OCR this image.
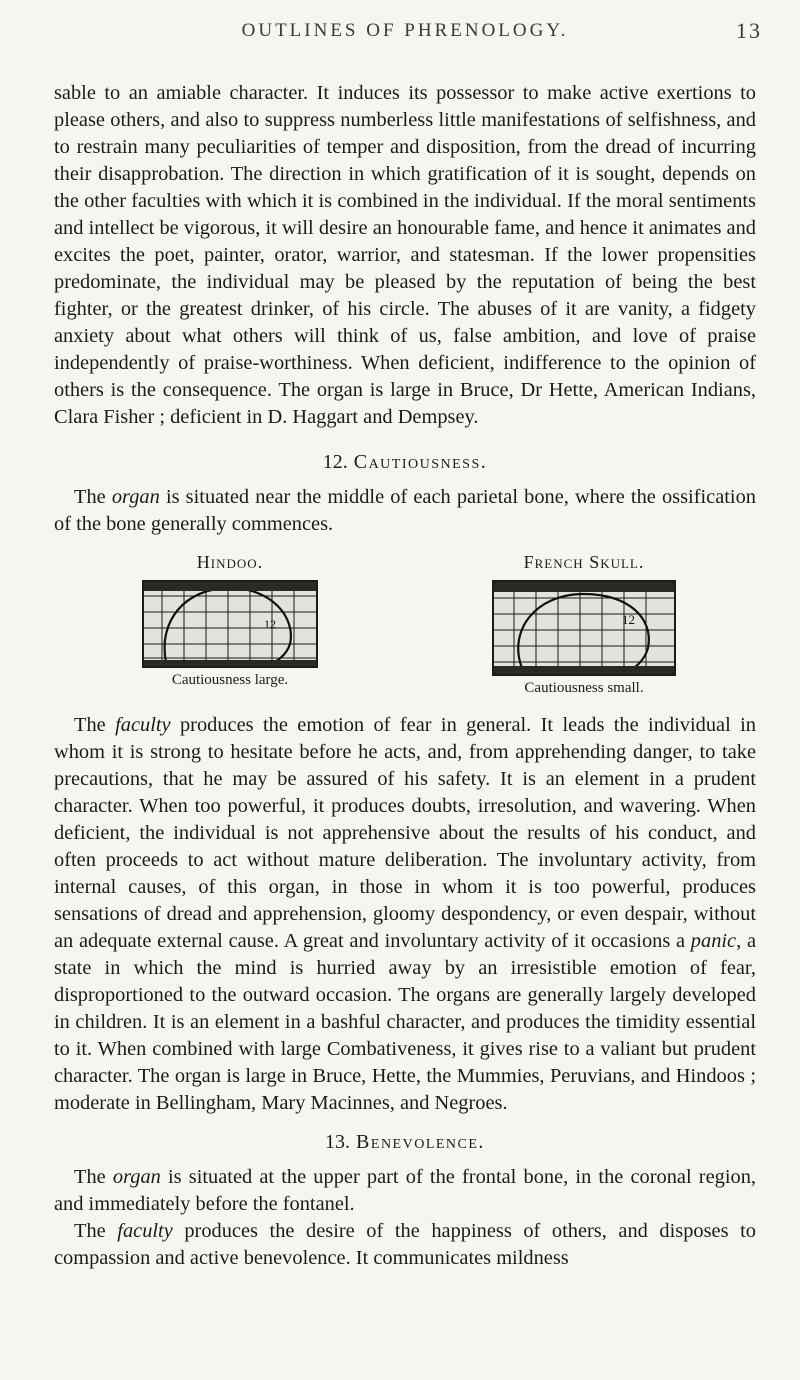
OUTLINES OF PHRENOLOGY.	13

sable to an amiable character. It induces its possessor to make active exertions to please others, and also to suppress numberless little manifestations of selfishness, and to restrain many peculiarities of temper and disposition, from the dread of incurring their disapprobation. The direction in which gratification of it is sought, depends on the other faculties with which it is combined in the individual. If the moral sentiments and intellect be vigorous, it will desire an honourable fame, and hence it animates and excites the poet, painter, orator, warrior, and statesman. If the lower propensities predominate, the individual may be pleased by the reputation of being the best fighter, or the greatest drinker, of his circle. The abuses of it are vanity, a fidgety anxiety about what others will think of us, false ambition, and love of praise independently of praise-worthiness. When deficient, indifference to the opinion of others is the consequence. The organ is large in Bruce, Dr Hette, American Indians, Clara Fisher ; deficient in D. Haggart and Dempsey.

12. Cautiousness.

The organ is situated near the middle of each parietal bone, where the ossification of the bone generally commences.

Hindoo.
12
Cautiousness large.
French Skull.
12
Cautiousness small.

The faculty produces the emotion of fear in general. It leads the individual in whom it is strong to hesitate before he acts, and, from apprehending danger, to take precautions, that he may be assured of his safety. It is an element in a prudent character. When too powerful, it produces doubts, irresolution, and wavering. When deficient, the individual is not apprehensive about the results of his conduct, and often proceeds to act without mature deliberation. The involuntary activity, from internal causes, of this organ, in those in whom it is too powerful, produces sensations of dread and apprehension, gloomy despondency, or even despair, without an adequate external cause. A great and involuntary activity of it occasions a panic, a state in which the mind is hurried away by an irresistible emotion of fear, disproportioned to the outward occasion. The organs are generally largely developed in children. It is an element in a bashful character, and produces the timidity essential to it. When combined with large Combativeness, it gives rise to a valiant but prudent character. The organ is large in Bruce, Hette, the Mummies, Peruvians, and Hindoos ; moderate in Bellingham, Mary Macinnes, and Negroes.

13. Benevolence.

The organ is situated at the upper part of the frontal bone, in the coronal region, and immediately before the fontanel.

The faculty produces the desire of the happiness of others, and disposes to compassion and active benevolence. It communicates mildness
